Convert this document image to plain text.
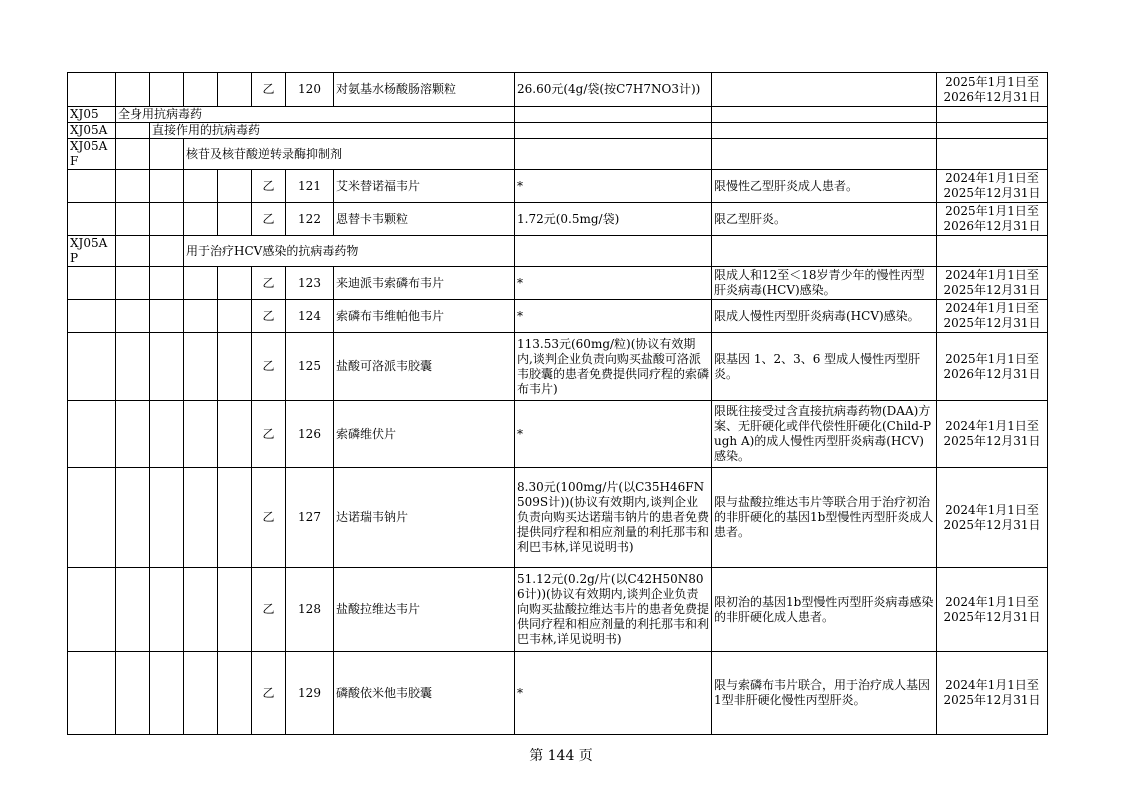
					乙	120	对氨基水杨酸肠溶颗粒	26.60元(4g/袋(按C7H7NO3计))		2025年1月1日至
2026年12月31日
XJ05	全身用抗病毒药									
XJ05A		直接作用的抗病毒药								
XJ05AF			核苷及核苷酸逆转录酶抑制剂							
					乙	121	艾米替诺福韦片	*	限慢性乙型肝炎成人患者。	2024年1月1日至
2025年12月31日
					乙	122	恩替卡韦颗粒	1.72元(0.5mg/袋)	限乙型肝炎。	2025年1月1日至
2026年12月31日
XJ05AP			用于治疗HCV感染的抗病毒药物							
					乙	123	来迪派韦索磷布韦片	*	限成人和12至＜18岁青少年的慢性丙型肝炎病毒(HCV)感染。	2024年1月1日至
2025年12月31日
					乙	124	索磷布韦维帕他韦片	*	限成人慢性丙型肝炎病毒(HCV)感染。	2024年1月1日至
2025年12月31日
					乙	125	盐酸可洛派韦胶囊	113.53元(60mg/粒)(协议有效期内,谈判企业负责向购买盐酸可洛派韦胶囊的患者免费提供同疗程的索磷布韦片)	限基因 1、2、3、6 型成人慢性丙型肝炎。	2025年1月1日至
2026年12月31日
					乙	126	索磷维伏片	*	限既往接受过含直接抗病毒药物(DAA)方案、无肝硬化或伴代偿性肝硬化(Child-Pugh A)的成人慢性丙型肝炎病毒(HCV)感染。	2024年1月1日至
2025年12月31日
					乙	127	达诺瑞韦钠片	8.30元(100mg/片(以C35H46FN509S计))(协议有效期内,谈判企业负责向购买达诺瑞韦钠片的患者免费提供同疗程和相应剂量的利托那韦和利巴韦林,详见说明书)	限与盐酸拉维达韦片等联合用于治疗初治的非肝硬化的基因1b型慢性丙型肝炎成人患者。	2024年1月1日至
2025年12月31日
					乙	128	盐酸拉维达韦片	51.12元(0.2g/片(以C42H50N806计))(协议有效期内,谈判企业负责向购买盐酸拉维达韦片的患者免费提供同疗程和相应剂量的利托那韦和利巴韦林,详见说明书)	限初治的基因1b型慢性丙型肝炎病毒感染的非肝硬化成人患者。	2024年1月1日至
2025年12月31日
					乙	129	磷酸依米他韦胶囊	*	限与索磷布韦片联合，用于治疗成人基因1型非肝硬化慢性丙型肝炎。	2024年1月1日至
2025年12月31日
第 144 页
